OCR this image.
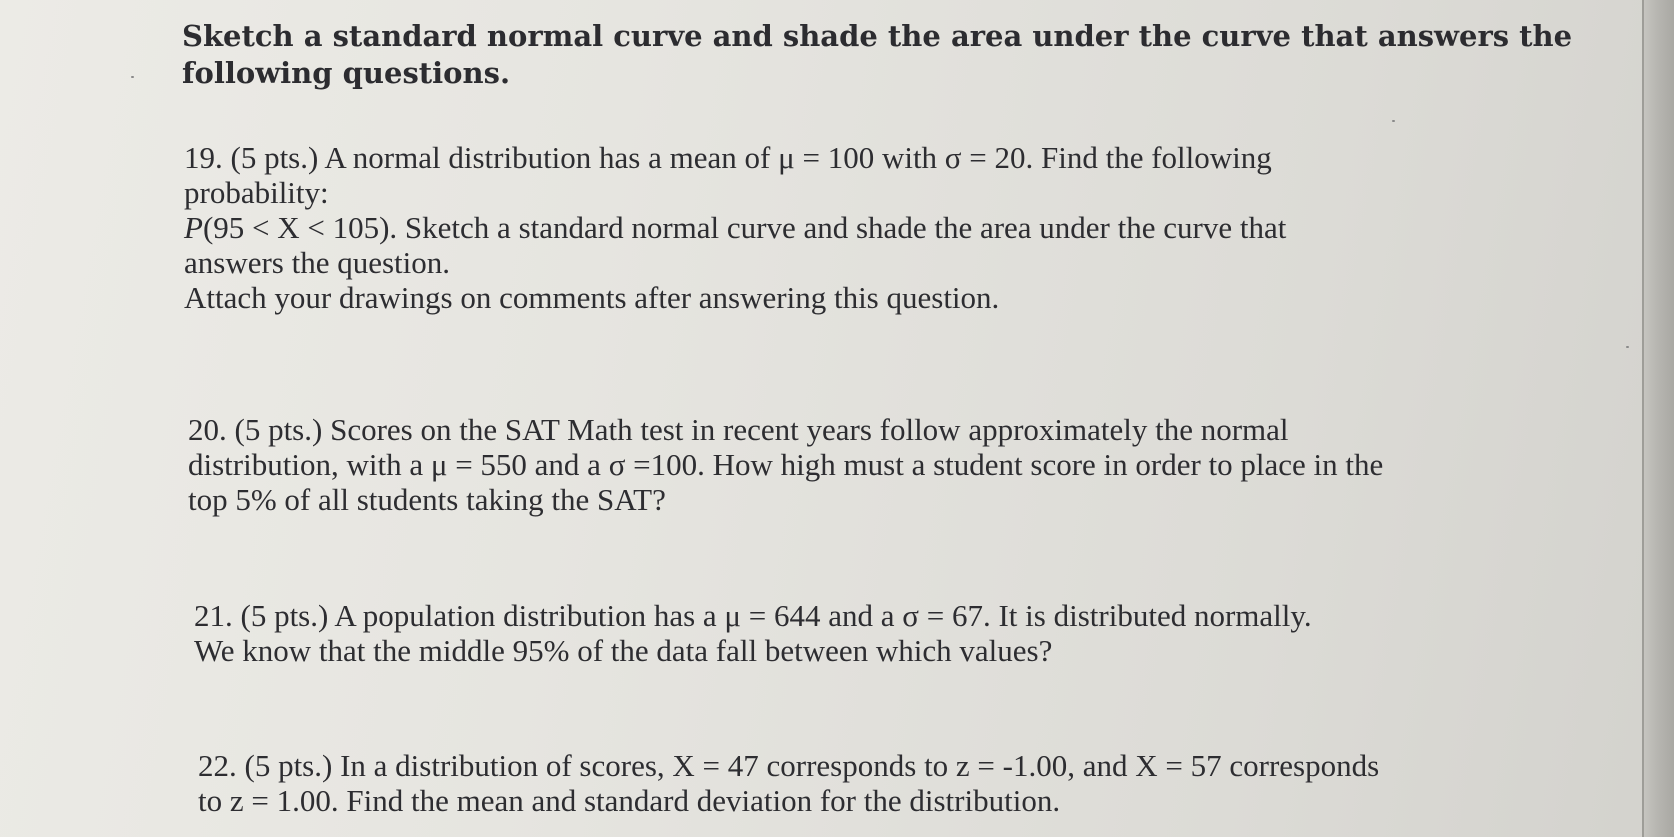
Sketch a standard normal curve and shade the area under the curve that answers the
following questions.
19. (5 pts.) A normal distribution has a mean of μ = 100 with σ = 20. Find the following
probability:
P(95 < X < 105). Sketch a standard normal curve and shade the area under the curve that
answers the question.
Attach your drawings on comments after answering this question.
20. (5 pts.) Scores on the SAT Math test in recent years follow approximately the normal
distribution, with a μ = 550 and a σ =100. How high must a student score in order to place in the
top 5% of all students taking the SAT?
21. (5 pts.) A population distribution has a μ = 644 and a σ = 67. It is distributed normally.
We know that the middle 95% of the data fall between which values?
22. (5 pts.) In a distribution of scores, X = 47 corresponds to z = -1.00, and X = 57 corresponds
to z = 1.00. Find the mean and standard deviation for the distribution.
